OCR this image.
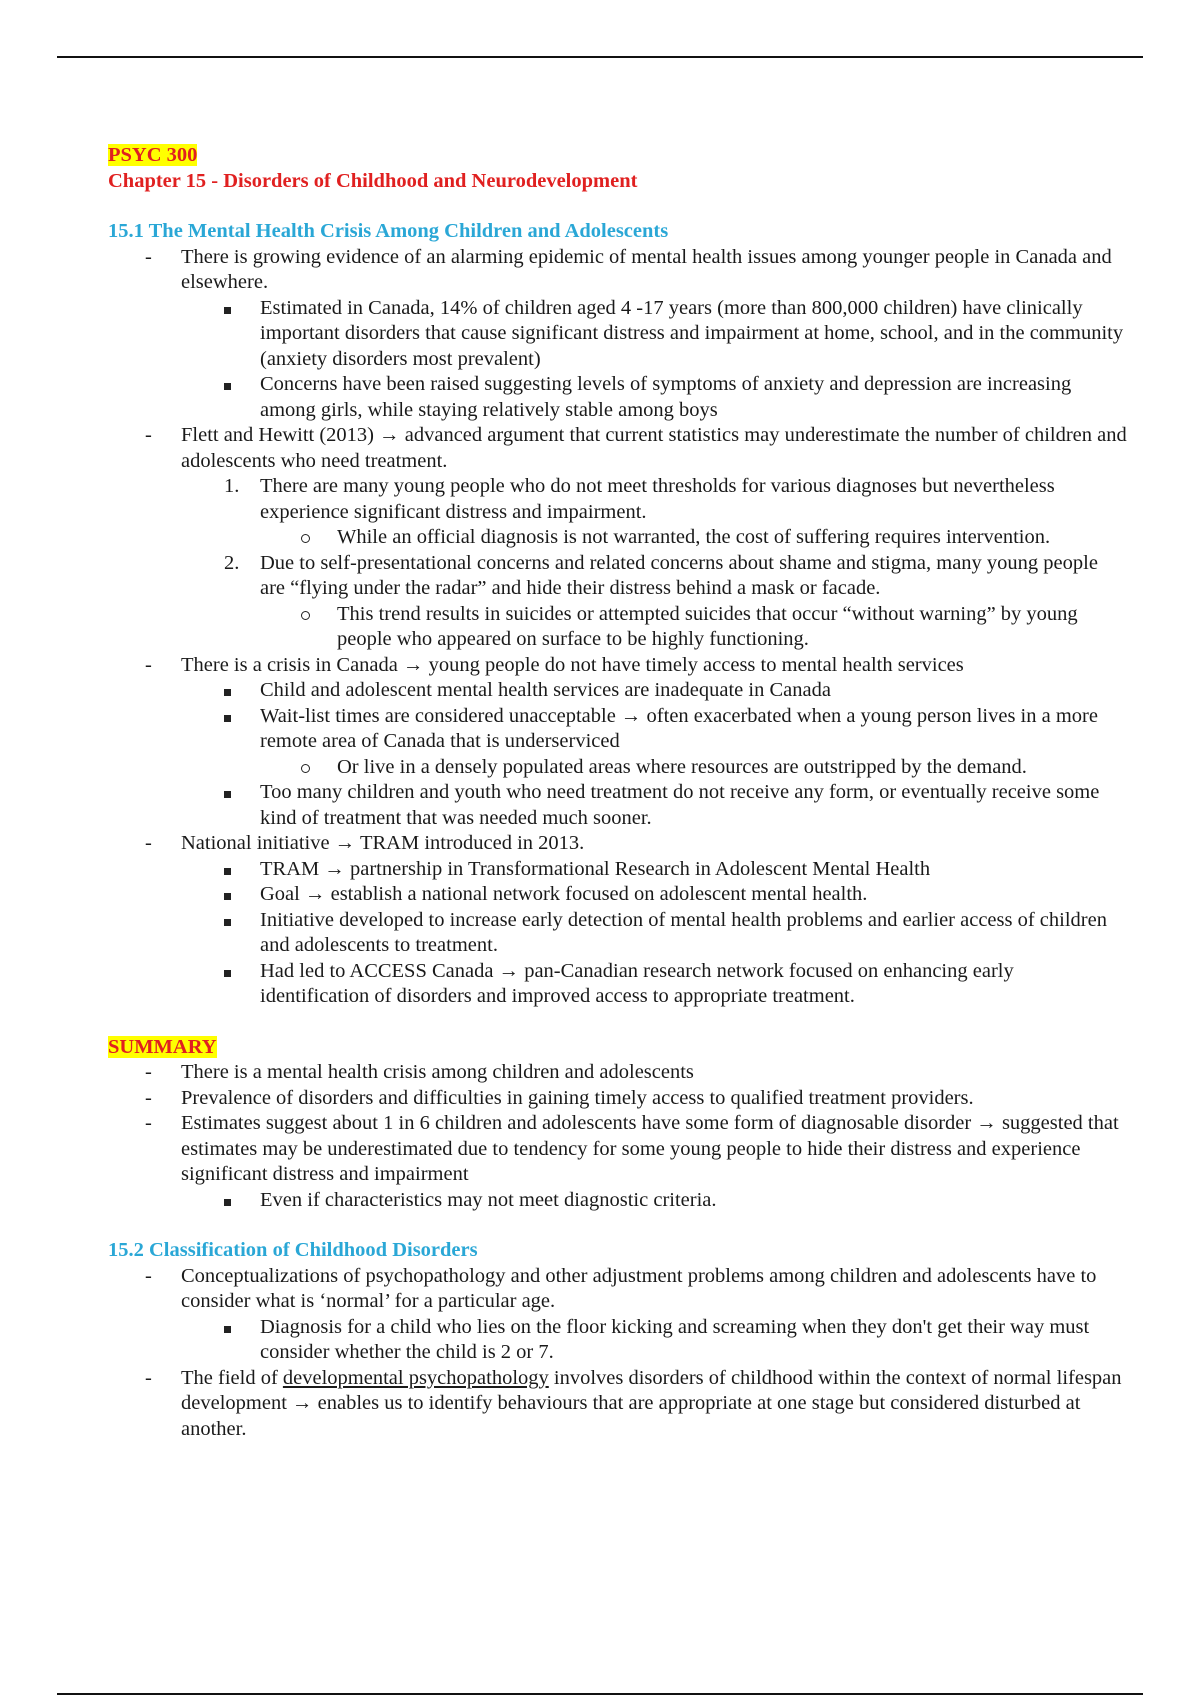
PSYC 300
Chapter 15 - Disorders of Childhood and Neurodevelopment
15.1 The Mental Health Crisis Among Children and Adolescents
- There is growing evidence of an alarming epidemic of mental health issues among younger people in Canada and elsewhere.
Estimated in Canada, 14% of children aged 4 -17 years (more than 800,000 children) have clinically important disorders that cause significant distress and impairment at home, school, and in the community (anxiety disorders most prevalent)
Concerns have been raised suggesting levels of symptoms of anxiety and depression are increasing among girls, while staying relatively stable among boys
- Flett and Hewitt (2013) → advanced argument that current statistics may underestimate the number of children and adolescents who need treatment.
1. There are many young people who do not meet thresholds for various diagnoses but nevertheless experience significant distress and impairment.
While an official diagnosis is not warranted, the cost of suffering requires intervention.
2. Due to self-presentational concerns and related concerns about shame and stigma, many young people are “flying under the radar” and hide their distress behind a mask or facade.
This trend results in suicides or attempted suicides that occur “without warning” by young people who appeared on surface to be highly functioning.
- There is a crisis in Canada → young people do not have timely access to mental health services
Child and adolescent mental health services are inadequate in Canada
Wait-list times are considered unacceptable → often exacerbated when a young person lives in a more remote area of Canada that is underserviced
Or live in a densely populated areas where resources are outstripped by the demand.
Too many children and youth who need treatment do not receive any form, or eventually receive some kind of treatment that was needed much sooner.
- National initiative → TRAM introduced in 2013.
TRAM → partnership in Transformational Research in Adolescent Mental Health
Goal → establish a national network focused on adolescent mental health.
Initiative developed to increase early detection of mental health problems and earlier access of children and adolescents to treatment.
Had led to ACCESS Canada → pan-Canadian research network focused on enhancing early identification of disorders and improved access to appropriate treatment.
SUMMARY
- There is a mental health crisis among children and adolescents
- Prevalence of disorders and difficulties in gaining timely access to qualified treatment providers.
- Estimates suggest about 1 in 6 children and adolescents have some form of diagnosable disorder → suggested that estimates may be underestimated due to tendency for some young people to hide their distress and experience significant distress and impairment
Even if characteristics may not meet diagnostic criteria.
15.2 Classification of Childhood Disorders
- Conceptualizations of psychopathology and other adjustment problems among children and adolescents have to consider what is ‘normal’ for a particular age.
Diagnosis for a child who lies on the floor kicking and screaming when they don't get their way must consider whether the child is 2 or 7.
- The field of developmental psychopathology involves disorders of childhood within the context of normal lifespan development → enables us to identify behaviours that are appropriate at one stage but considered disturbed at another.
